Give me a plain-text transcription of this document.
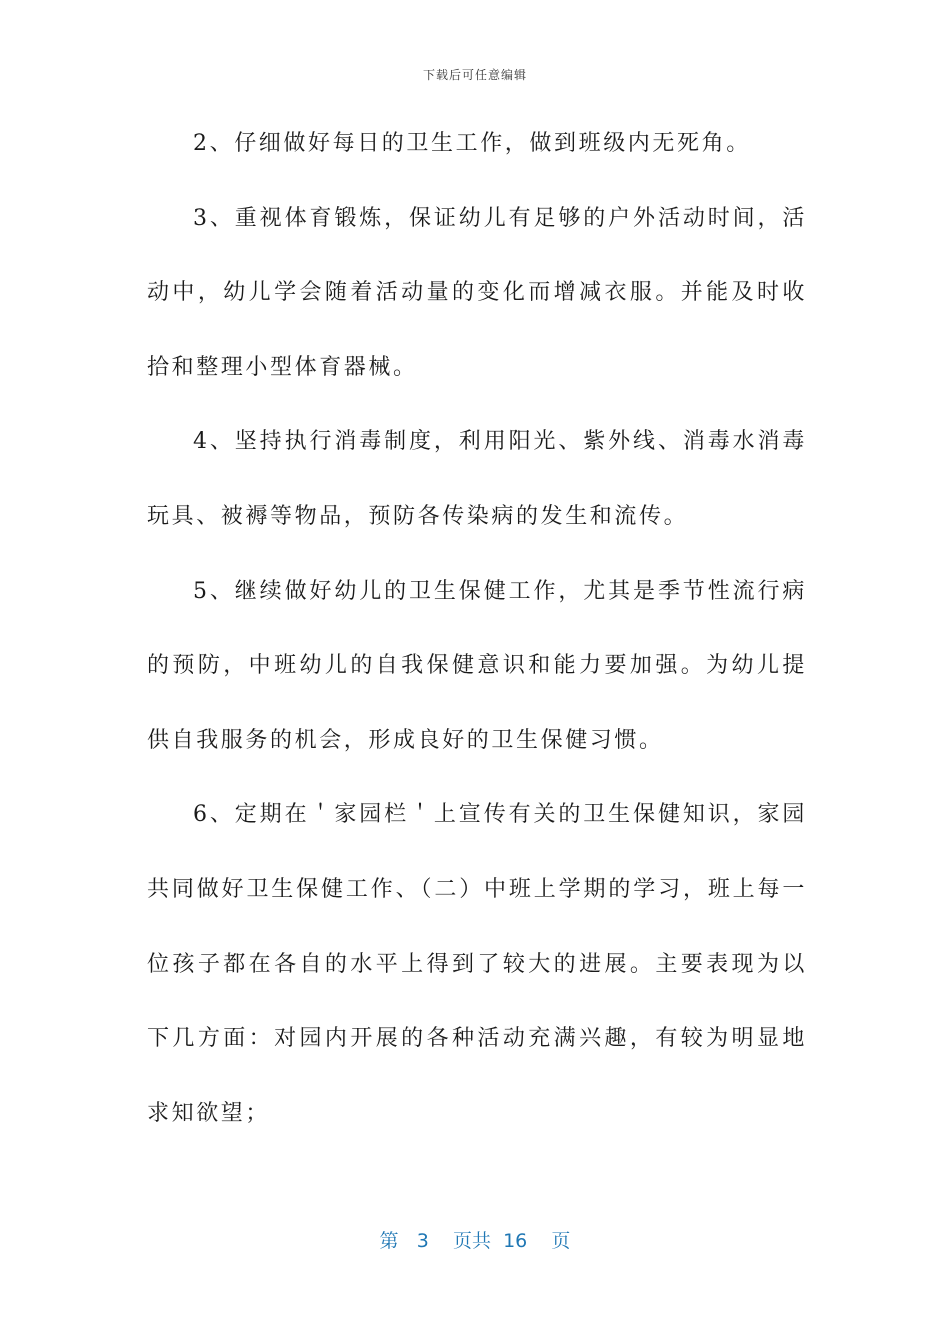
下载后可任意编辑

2、仔细做好每日的卫生工作，做到班级内无死角。

3、重视体育锻炼，保证幼儿有足够的户外活动时间，活动中，幼儿学会随着活动量的变化而增减衣服。并能及时收拾和整理小型体育器械。

4、坚持执行消毒制度，利用阳光、紫外线、消毒水消毒玩具、被褥等物品，预防各传染病的发生和流传。

5、继续做好幼儿的卫生保健工作，尤其是季节性流行病的预防，中班幼儿的自我保健意识和能力要加强。为幼儿提供自我服务的机会，形成良好的卫生保健习惯。

6、定期在＇家园栏＇上宣传有关的卫生保健知识，家园共同做好卫生保健工作、（二）中班上学期的学习，班上每一位孩子都在各自的水平上得到了较大的进展。主要表现为以下几方面：对园内开展的各种活动充满兴趣，有较为明显地求知欲望；

第 3 页共 16 页
